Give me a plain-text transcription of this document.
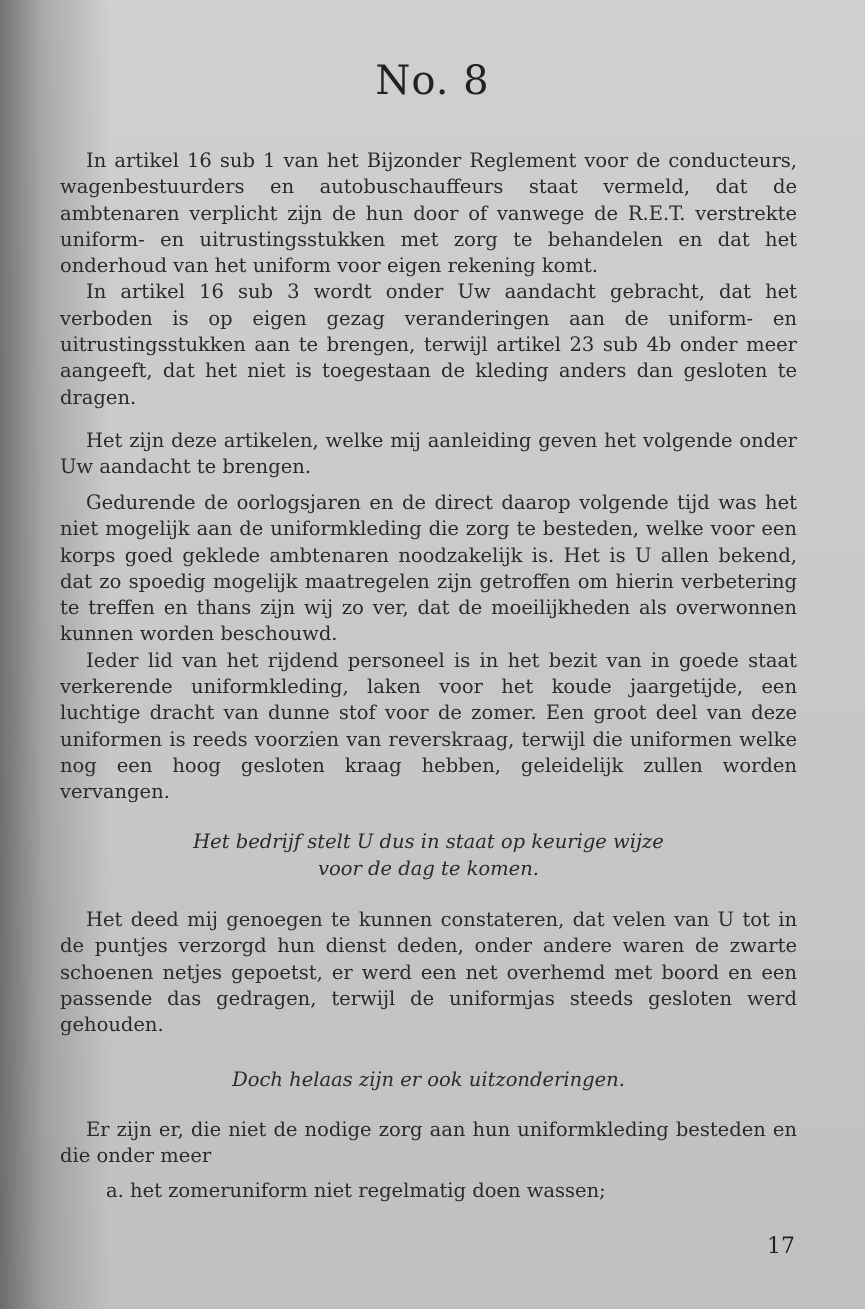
No. 8

In artikel 16 sub 1 van het Bijzonder Reglement voor de conducteurs, wagenbestuurders en autobuschauffeurs staat vermeld, dat de ambtenaren verplicht zijn de hun door of vanwege de R.E.T. verstrekte uniform- en uitrustingsstukken met zorg te behandelen en dat het onderhoud van het uniform voor eigen rekening komt.

In artikel 16 sub 3 wordt onder Uw aandacht gebracht, dat het verboden is op eigen gezag veranderingen aan de uniform- en uitrustingsstukken aan te brengen, terwijl artikel 23 sub 4b onder meer aangeeft, dat het niet is toegestaan de kleding anders dan gesloten te dragen.

Het zijn deze artikelen, welke mij aanleiding geven het volgende onder Uw aandacht te brengen.

Gedurende de oorlogsjaren en de direct daarop volgende tijd was het niet mogelijk aan de uniformkleding die zorg te besteden, welke voor een korps goed geklede ambtenaren noodzakelijk is. Het is U allen bekend, dat zo spoedig mogelijk maatregelen zijn getroffen om hierin verbetering te treffen en thans zijn wij zo ver, dat de moeilijkheden als overwonnen kunnen worden beschouwd.

Ieder lid van het rijdend personeel is in het bezit van in goede staat verkerende uniformkleding, laken voor het koude jaargetijde, een luchtige dracht van dunne stof voor de zomer. Een groot deel van deze uniformen is reeds voorzien van reverskraag, terwijl die uniformen welke nog een hoog gesloten kraag hebben, geleidelijk zullen worden vervangen.

Het bedrijf stelt U dus in staat op keurige wijze
voor de dag te komen.

Het deed mij genoegen te kunnen constateren, dat velen van U tot in de puntjes verzorgd hun dienst deden, onder andere waren de zwarte schoenen netjes gepoetst, er werd een net overhemd met boord en een passende das gedragen, terwijl de uniformjas steeds gesloten werd gehouden.

Doch helaas zijn er ook uitzonderingen.

Er zijn er, die niet de nodige zorg aan hun uniformkleding besteden en die onder meer

a. het zomeruniform niet regelmatig doen wassen;
17
